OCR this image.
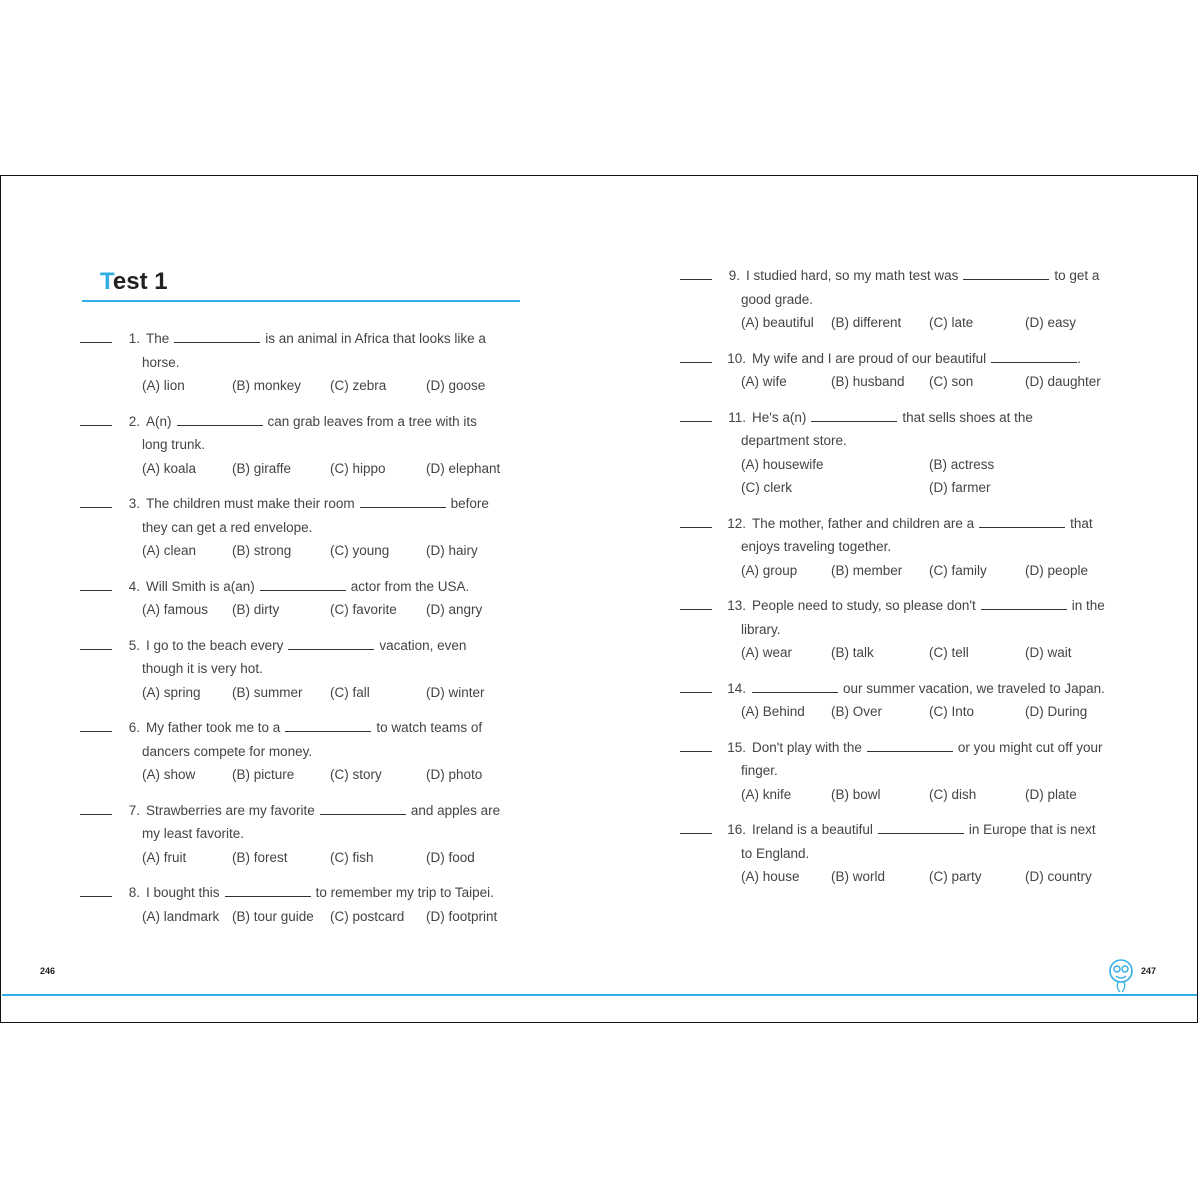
Test 1
1. The	is an animal in Africa that looks like a
horse.
(A) lion	(B) monkey	(C) zebra	(D) goose
2. A(n)	can grab leaves from a tree with its
long trunk.
(A) koala	(B) giraffe	(C) hippo	(D) elephant
3. The children must make their room	before
they can get a red envelope.
(A) clean	(B) strong	(C) young	(D) hairy
4. Will Smith is a(an)	actor from the USA.
(A) famous	(B) dirty	(C) favorite	(D) angry
5. I go to the beach every	vacation, even
though it is very hot.
(A) spring	(B) summer	(C) fall	(D) winter
6. My father took me to a	to watch teams of
dancers compete for money.
(A) show	(B) picture	(C) story	(D) photo
7. Strawberries are my favorite	and apples are
my least favorite.
(A) fruit	(B) forest	(C) fish	(D) food
8. I bought this	to remember my trip to Taipei.
(A) landmark (B) tour guide	(C) postcard	(D) footprint
9. I studied hard, so my math test was	to get a
good grade.
(A) beautiful	(B) different	(C) late	(D) easy
10. My wife and I are proud of our beautiful	.
(A) wife	(B) husband	(C) son	(D) daughter
11. He's a(n)	that sells shoes at the
department store.
(A) housewife	(B) actress
(C) clerk	(D) farmer
12. The mother, father and children are a	that
enjoys traveling together.
(A) group	(B) member	(C) family	(D) people
13. People need to study, so please don't	in the
library.
(A) wear	(B) talk	(C) tell	(D) wait
14.	our summer vacation, we traveled to Japan.
(A) Behind	(B) Over	(C) Into	(D) During
15. Don't play with the	or you might cut off your
finger.
(A) knife	(B) bowl	(C) dish	(D) plate
16. Ireland is a beautiful	in Europe that is next
to England.
(A) house	(B) world	(C) party	(D) country
246	247
